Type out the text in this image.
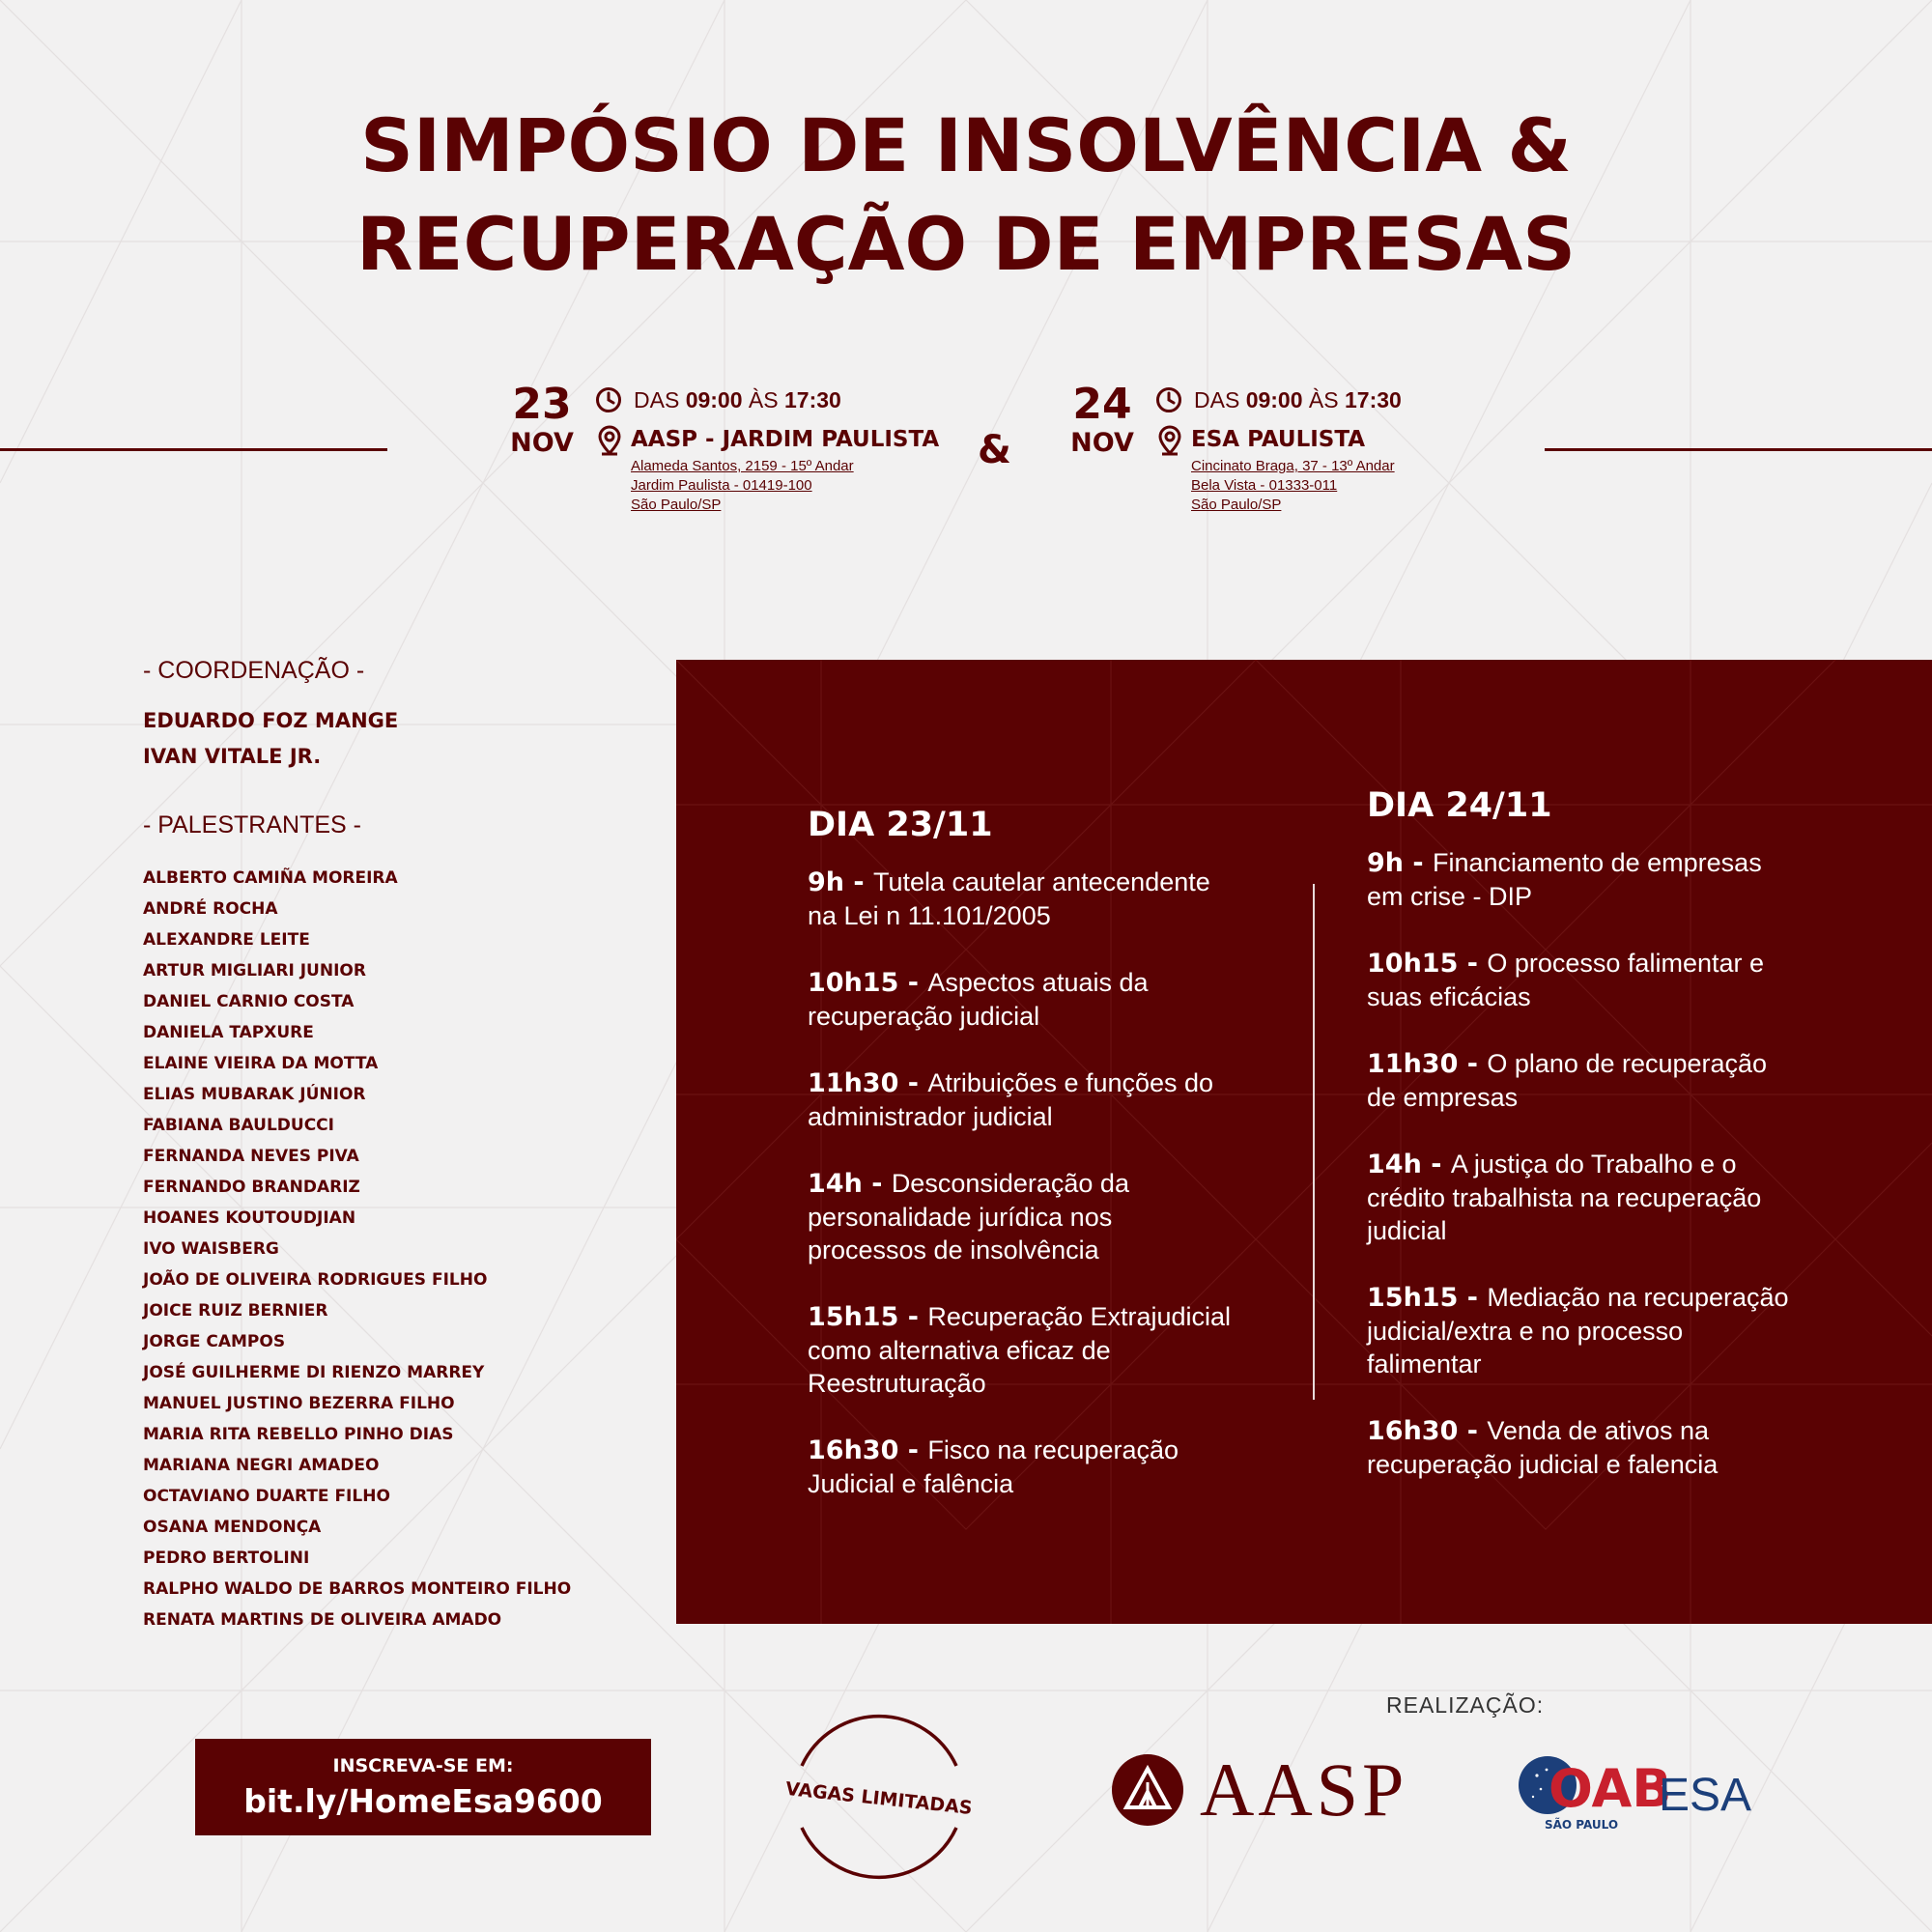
SIMPÓSIO DE INSOLVÊNCIA &
RECUPERAÇÃO DE EMPRESAS
23
NOV
DAS 09:00 ÀS 17:30
AASP - JARDIM PAULISTA
Alameda Santos, 2159 - 15º Andar
Jardim Paulista - 01419-100
São Paulo/SP
&
24
NOV
DAS 09:00 ÀS 17:30
ESA PAULISTA
Cincinato Braga, 37 - 13º Andar
Bela Vista - 01333-011
São Paulo/SP
- COORDENAÇÃO -
EDUARDO FOZ MANGE
IVAN VITALE JR.
- PALESTRANTES -
ALBERTO CAMIÑA MOREIRA
ANDRÉ ROCHA
ALEXANDRE LEITE
ARTUR MIGLIARI JUNIOR
DANIEL CARNIO COSTA
DANIELA TAPXURE
ELAINE VIEIRA DA MOTTA
ELIAS MUBARAK JÚNIOR
FABIANA BAULDUCCI
FERNANDA NEVES PIVA
FERNANDO BRANDARIZ
HOANES KOUTOUDJIAN
IVO WAISBERG
JOÃO DE OLIVEIRA RODRIGUES FILHO
JOICE RUIZ BERNIER
JORGE CAMPOS
JOSÉ GUILHERME DI RIENZO MARREY
MANUEL JUSTINO BEZERRA FILHO
MARIA RITA REBELLO PINHO DIAS
MARIANA NEGRI AMADEO
OCTAVIANO DUARTE FILHO
OSANA MENDONÇA
PEDRO BERTOLINI
RALPHO WALDO DE BARROS MONTEIRO FILHO
RENATA MARTINS DE OLIVEIRA AMADO
DIA 23/11
9h - Tutela cautelar antecendente
na Lei n 11.101/2005
10h15 - Aspectos atuais da
recuperação judicial
11h30 - Atribuições e funções do
administrador judicial
14h - Desconsideração da
personalidade jurídica nos
processos de insolvência
15h15 - Recuperação Extrajudicial
como alternativa eficaz de
Reestruturação
16h30 - Fisco na recuperação
Judicial e falência
DIA 24/11
9h - Financiamento de empresas
em crise - DIP
10h15 - O processo falimentar e
suas eficácias
11h30 - O plano de recuperação
de empresas
14h - A justiça do Trabalho e o
crédito trabalhista na recuperação
judicial
15h15 - Mediação na recuperação
judicial/extra e no processo
falimentar
16h30 - Venda de ativos na
recuperação judicial e falencia
INSCREVA-SE EM:
bit.ly/HomeEsa9600	VAGAS LIMITADAS
REALIZAÇÃO:
AASP	OAB
SÃO PAULO
ESA
